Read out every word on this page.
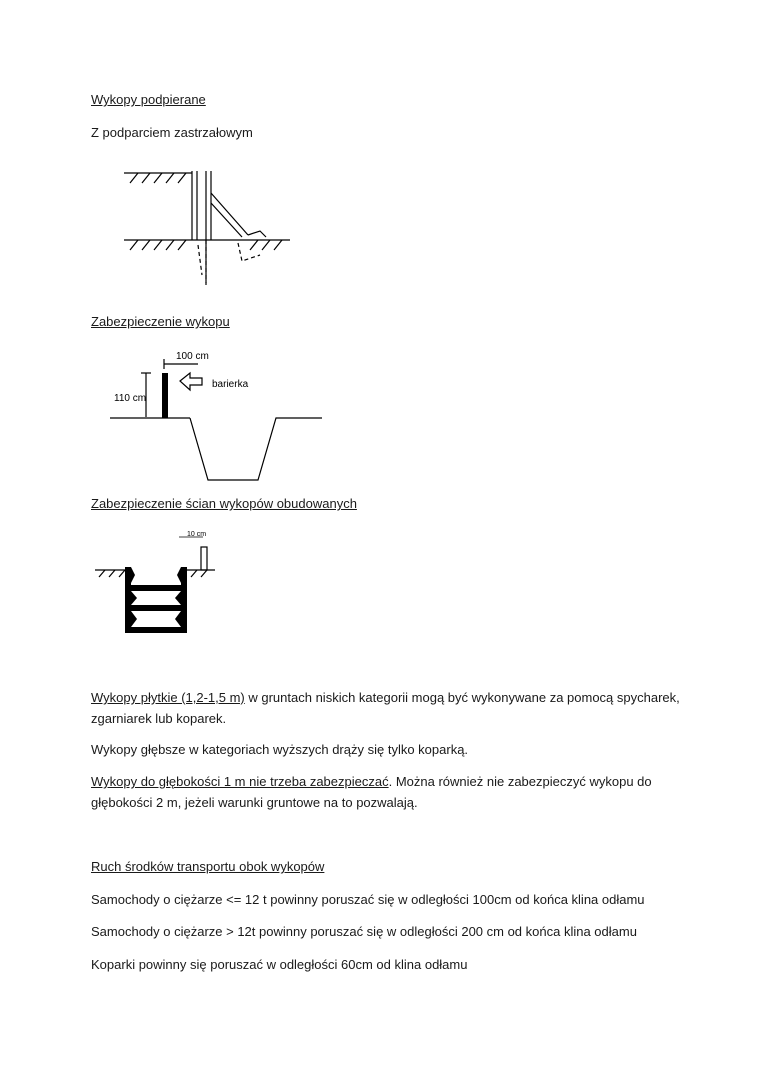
Wykopy podpierane
Z podparciem zastrzałowym
Zabezpieczenie wykopu
100 cm
110 cm
barierka
Zabezpieczenie ścian wykopów obudowanych
10 cm
Wykopy płytkie (1,2-1,5 m) w gruntach niskich kategorii mogą być wykonywane za pomocą spycharek, zgarniarek lub koparek.
Wykopy głębsze w kategoriach wyższych drąży się tylko koparką.
Wykopy do głębokości 1 m nie trzeba zabezpieczać. Można również nie zabezpieczyć wykopu do głębokości 2 m, jeżeli warunki gruntowe na to pozwalają.
Ruch środków transportu obok wykopów
Samochody o ciężarze <= 12 t powinny poruszać się w odległości 100cm od końca klina odłamu
Samochody o ciężarze > 12t powinny poruszać się w odległości 200 cm od końca klina odłamu
Koparki powinny się poruszać w odległości 60cm od klina odłamu
